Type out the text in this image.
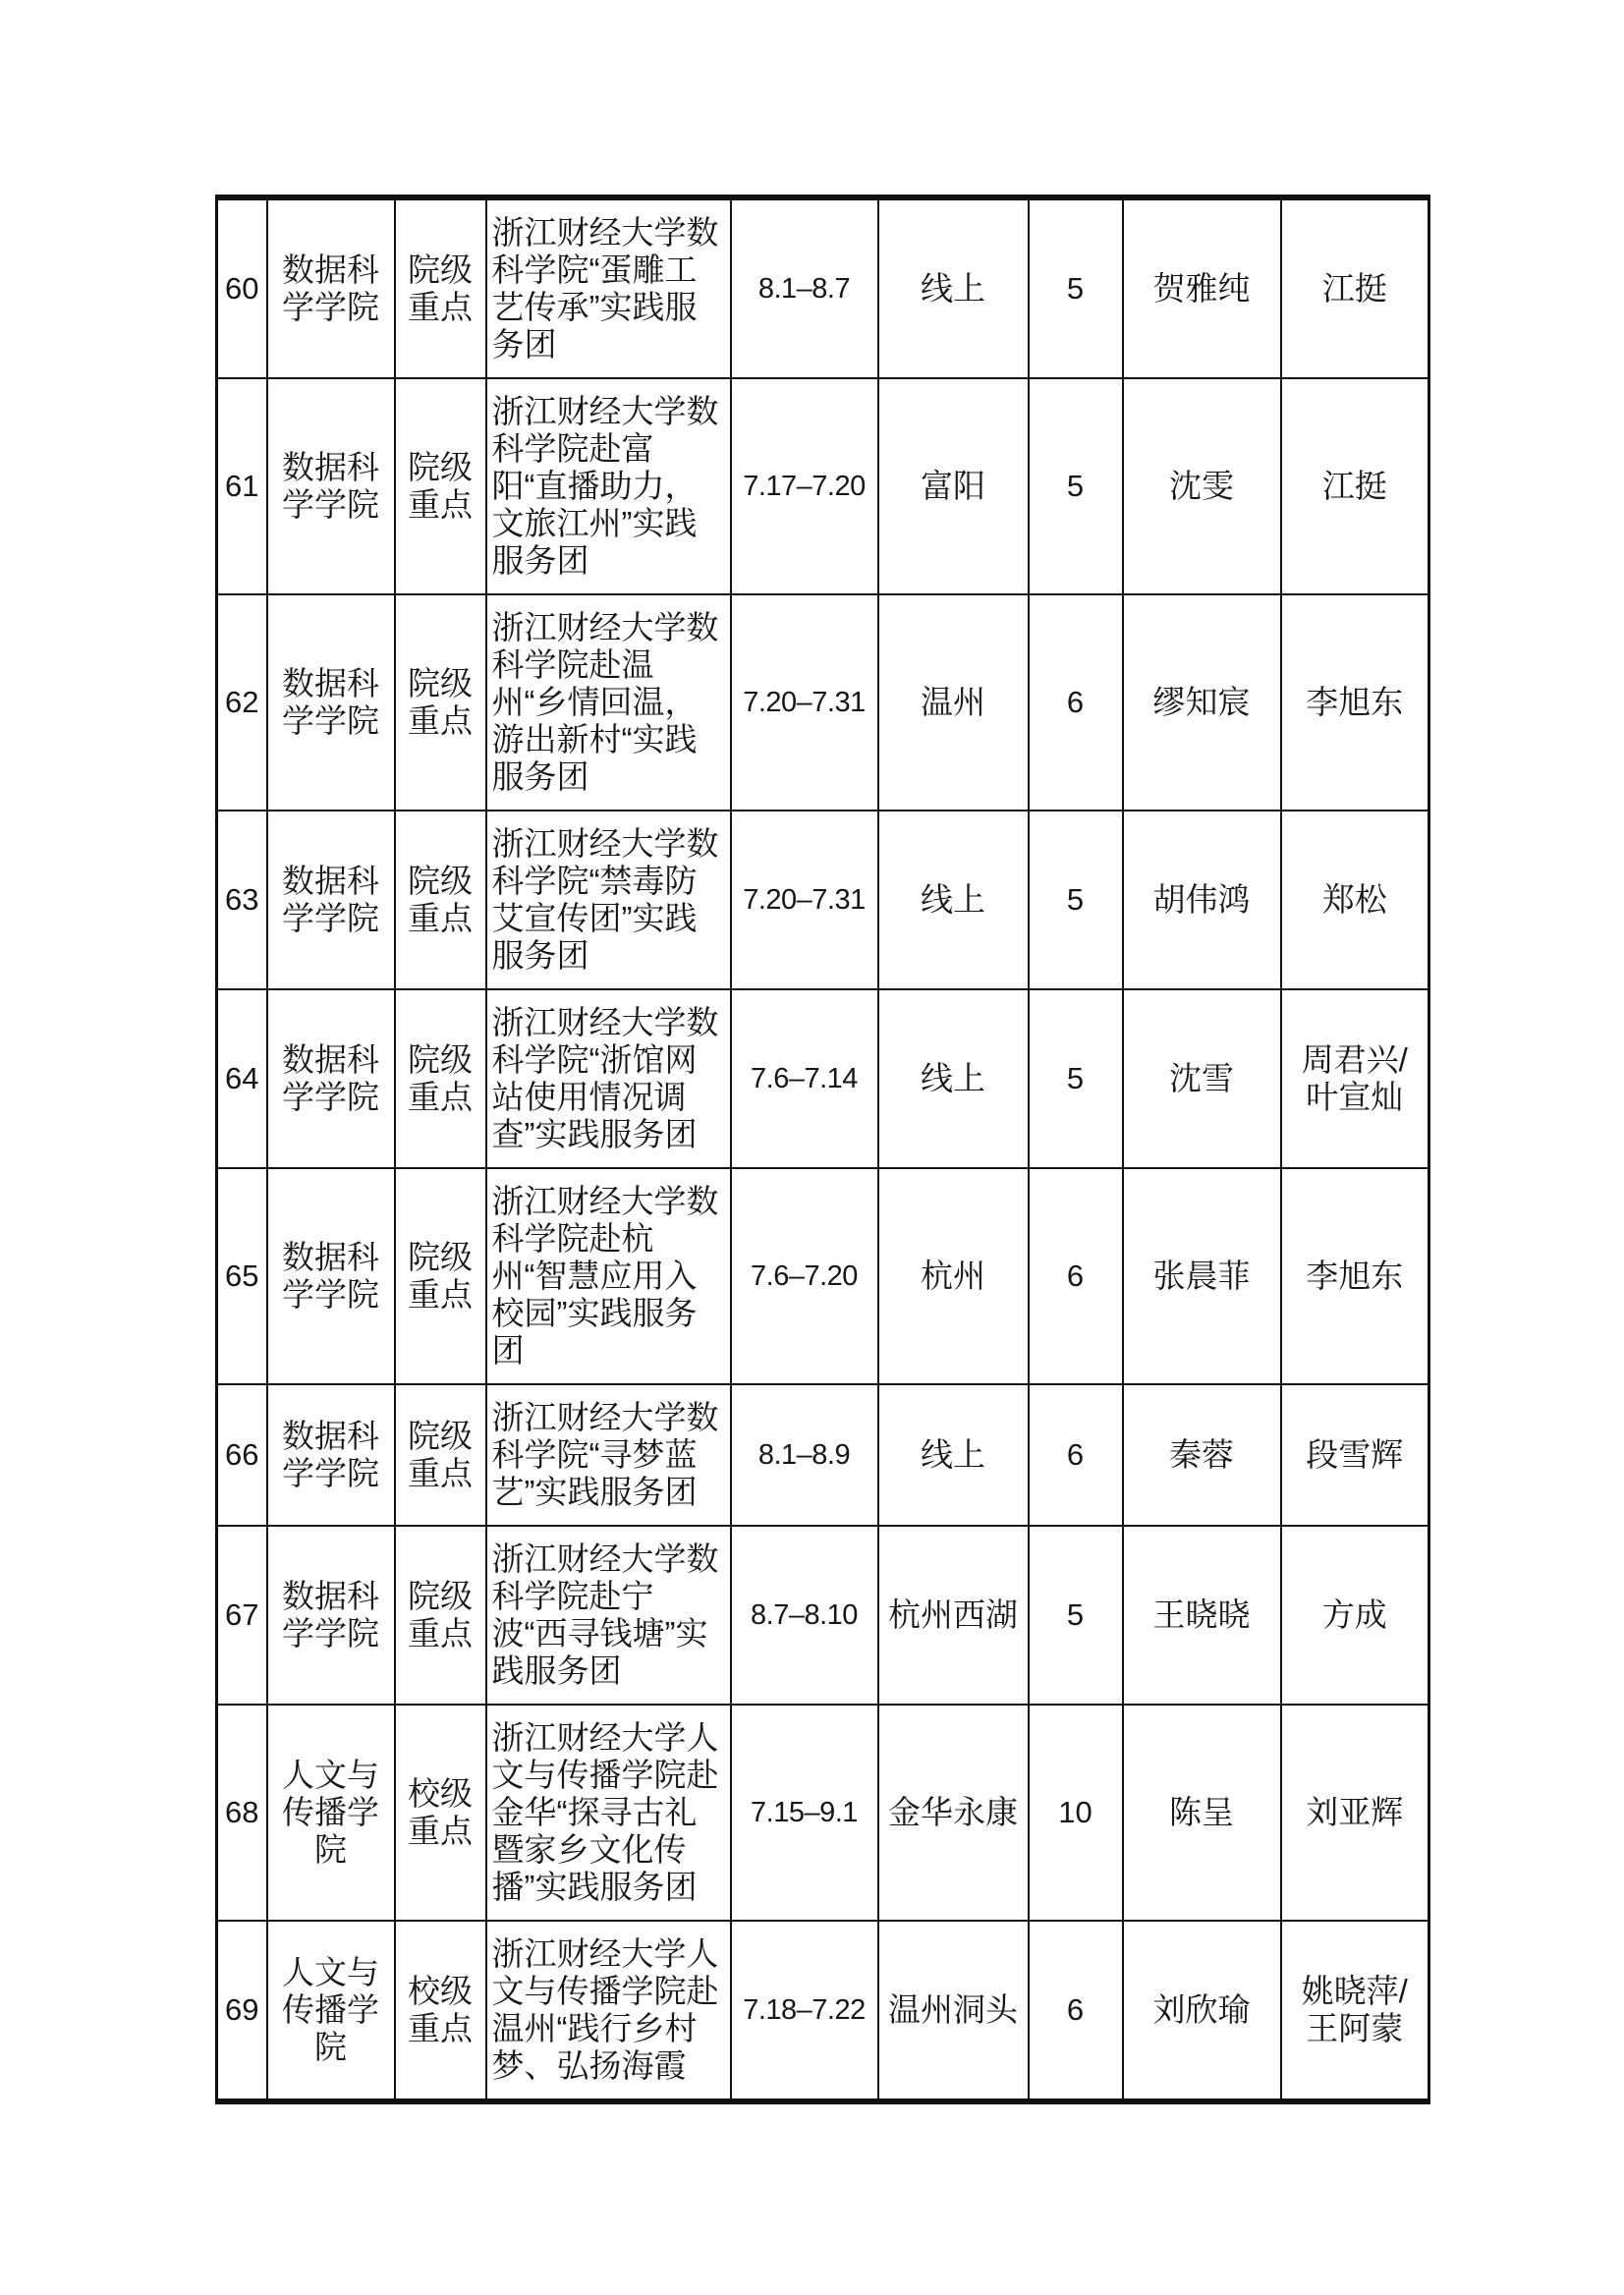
60	数据科学学院	院级重点	浙江财经大学数科学院“蛋雕工艺传承”实践服务团	8.1–8.7	线上	5	贺雅纯	江挺
61	数据科学学院	院级重点	浙江财经大学数科学院赴富阳“直播助力，文旅江州”实践服务团	7.17–7.20	富阳	5	沈雯	江挺
62	数据科学学院	院级重点	浙江财经大学数科学院赴温州“乡情回温，游出新村“实践服务团	7.20–7.31	温州	6	缪知宸	李旭东
63	数据科学学院	院级重点	浙江财经大学数科学院“禁毒防艾宣传团”实践服务团	7.20–7.31	线上	5	胡伟鸿	郑松
64	数据科学学院	院级重点	浙江财经大学数科学院“浙馆网站使用情况调查”实践服务团	7.6–7.14	线上	5	沈雪	周君兴/叶宣灿
65	数据科学学院	院级重点	浙江财经大学数科学院赴杭州“智慧应用入校园”实践服务团	7.6–7.20	杭州	6	张晨菲	李旭东
66	数据科学学院	院级重点	浙江财经大学数科学院“寻梦蓝艺”实践服务团	8.1–8.9	线上	6	秦蓉	段雪辉
67	数据科学学院	院级重点	浙江财经大学数科学院赴宁波“西寻钱塘”实践服务团	8.7–8.10	杭州西湖	5	王晓晓	方成
68	人文与传播学院	校级重点	浙江财经大学人文与传播学院赴金华“探寻古礼暨家乡文化传播”实践服务团	7.15–9.1	金华永康	10	陈呈	刘亚辉
69	人文与传播学院	校级重点	浙江财经大学人文与传播学院赴温州“践行乡村梦、弘扬海霞	7.18–7.22	温州洞头	6	刘欣瑜	姚晓萍/王阿蒙
